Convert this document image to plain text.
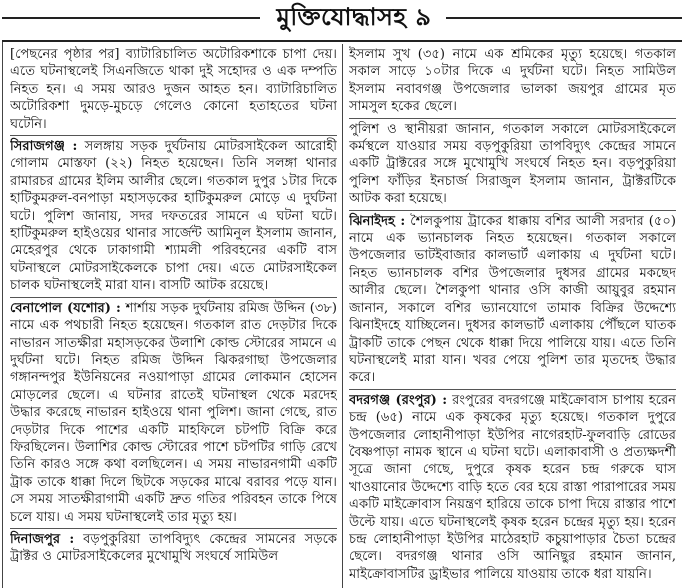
মুক্তিযোদ্ধাসহ ৯

[পেছনের পৃষ্ঠার পর] ব্যাটারিচালিত অটোরিকশাকে চাপা দেয়। এতে ঘটনাস্থলেই সিএনজিতে থাকা দুই সহোদর ও এক দম্পতি নিহত হন। এ সময় আরও দুজন আহত হন। ব্যাটারিচালিত অটোরিকশা দুমড়ে-মুচড়ে গেলেও কোনো হতাহতের ঘটনা ঘটেনি।

সিরাজগঞ্জ : সলঙ্গায় সড়ক দুর্ঘটনায় মোটরসাইকেল আরোহী গোলাম মোস্তফা (২২) নিহত হয়েছেন। তিনি সলঙ্গা থানার রামারচর গ্রামের ইলিম আলীর ছেলে। গতকাল দুপুর ১টার দিকে হাটিকুমরুল-বনপাড়া মহাসড়কের হাটিকুমরুল মোড়ে এ দুর্ঘটনা ঘটে। পুলিশ জানায়, সদর দফতরের সামনে এ ঘটনা ঘটে। হাটিকুমরুল হাইওয়ের থানার সার্জেন্ট আমিনুল ইসলাম জানান, মেহেরপুর থেকে ঢাকাগামী শ্যামলী পরিবহনের একটি বাস ঘটনাস্থলে মোটরসাইকেলকে চাপা দেয়। এতে মোটরসাইকেল চালক ঘটনাস্থলেই মারা যান। বাসটি আটক রয়েছে।

বেনাপোল (যশোর) : শার্শায় সড়ক দুর্ঘটনায় রমিজ উদ্দিন (৩৮) নামে এক পথচারী নিহত হয়েছেন। গতকাল রাত দেড়টার দিকে নাভারন সাতক্ষীরা মহাসড়কের উলাশি কোল্ড স্টোরের সামনে এ দুর্ঘটনা ঘটে। নিহত রমিজ উদ্দিন ঝিকরগাছা উপজেলার গঙ্গানন্দপুর ইউনিয়নের নওয়াপাড়া গ্রামের লোকমান হোসেন মোড়লের ছেলে। এ ঘটনার রাতেই ঘটনাস্থল থেকে মরদেহ উদ্ধার করেছে নাভারন হাইওয়ে থানা পুলিশ। জানা গেছে, রাত দেড়টার দিকে পাশের একটি মাহফিলে চটপটি বিক্রি করে ফিরছিলেন। উলাশির কোল্ড স্টোরের পাশে চটপটির গাড়ি রেখে তিনি কারও সঙ্গে কথা বলছিলেন। এ সময় নাভারনগামী একটি ট্রাক তাকে ধাক্কা দিলে ছিটকে সড়কের মাঝে বরাবর পড়ে যান। সে সময় সাতক্ষীরাগামী একটি দ্রুত গতির পরিবহন তাকে পিষে চলে যায়। এ সময় ঘটনাস্থলেই তার মৃত্যু হয়।

দিনাজপুর : বড়পুকুরিয়া তাপবিদ্যুৎ কেন্দ্রের সামনের সড়কে ট্রাক্টর ও মোটরসাইকেলের মুখোমুখি সংঘর্ষে সামিউল

ইসলাম সুখ (৩৫) নামে এক শ্রমিকের মৃত্যু হয়েছে। গতকাল সকাল সাড়ে ১০টার দিকে এ দুর্ঘটনা ঘটে। নিহত সামিউল ইসলাম নবাবগঞ্জ উপজেলার ভালকা জয়পুর গ্রামের মৃত সামসুল হকের ছেলে।

পুলিশ ও স্থানীয়রা জানান, গতকাল সকালে মোটরসাইকেলে কর্মস্থলে যাওয়ার সময় বড়পুকুরিয়া তাপবিদ্যুৎ কেন্দ্রের সামনে একটি ট্রাক্টরের সঙ্গে মুখোমুখি সংঘর্ষে নিহত হন। বড়পুকুরিয়া পুলিশ ফাঁড়ির ইনচার্জ সিরাজুল ইসলাম জানান, ট্রাক্টরটিকে আটক করা হয়েছে।

ঝিনাইদহ : শৈলকুপায় ট্রাকের ধাক্কায় বশির আলী সরদার (৫০) নামে এক ভ্যানচালক নিহত হয়েছেন। গতকাল সকালে উপজেলার ভাটইবাজার কালভার্ট এলাকায় এ দুর্ঘটনা ঘটে। নিহত ভ্যানচালক বশির উপজেলার দুধসর গ্রামের মকছেদ আলীর ছেলে। শৈলকুপা থানার ওসি কাজী আয়ুবুর রহমান জানান, সকালে বশির ভ্যানযোগে তামাক বিক্রির উদ্দেশ্যে ঝিনাইদহে যাচ্ছিলেন। দুধসর কালভার্ট এলাকায় পৌঁছলে ঘাতক ট্রাকটি তাকে পেছন থেকে ধাক্কা দিয়ে পালিয়ে যায়। এতে তিনি ঘটনাস্থলেই মারা যান। খবর পেয়ে পুলিশ তার মৃতদেহ উদ্ধার করে।

বদরগঞ্জ (রংপুর) : রংপুরের বদরগঞ্জে মাইক্রোবাস চাপায় হরেন চন্দ্র (৬৫) নামে এক কৃষকের মৃত্যু হয়েছে। গতকাল দুপুরে উপজেলার লোহানীপাড়া ইউপির নাগেরহাট-ফুলবাড়ি রোডের বৈষ্ণপাড়া নামক স্থানে এ ঘটনা ঘটে। এলাকাবাসী ও প্রত্যক্ষদর্শী সূত্রে জানা গেছে, দুপুরে কৃষক হরেন চন্দ্র গরুকে ঘাস খাওয়ানোর উদ্দেশ্যে বাড়ি হতে বের হয়ে রাস্তা পারাপারের সময় একটি মাইক্রোবাস নিয়ন্ত্রণ হারিয়ে তাকে চাপা দিয়ে রাস্তার পাশে উল্টে যায়। এতে ঘটনাস্থলেই কৃষক হরেন চন্দ্রের মৃত্যু হয়। হরেন চন্দ্র লোহানীপাড়া ইউপির মাঠেরহাট কচুয়াপাড়ার চৈতা চন্দ্রের ছেলে। বদরগঞ্জ থানার ওসি আনিছুর রহমান জানান, মাইক্রোবাসটির ড্রাইভার পালিয়ে যাওয়ায় তাকে ধরা যায়নি।
